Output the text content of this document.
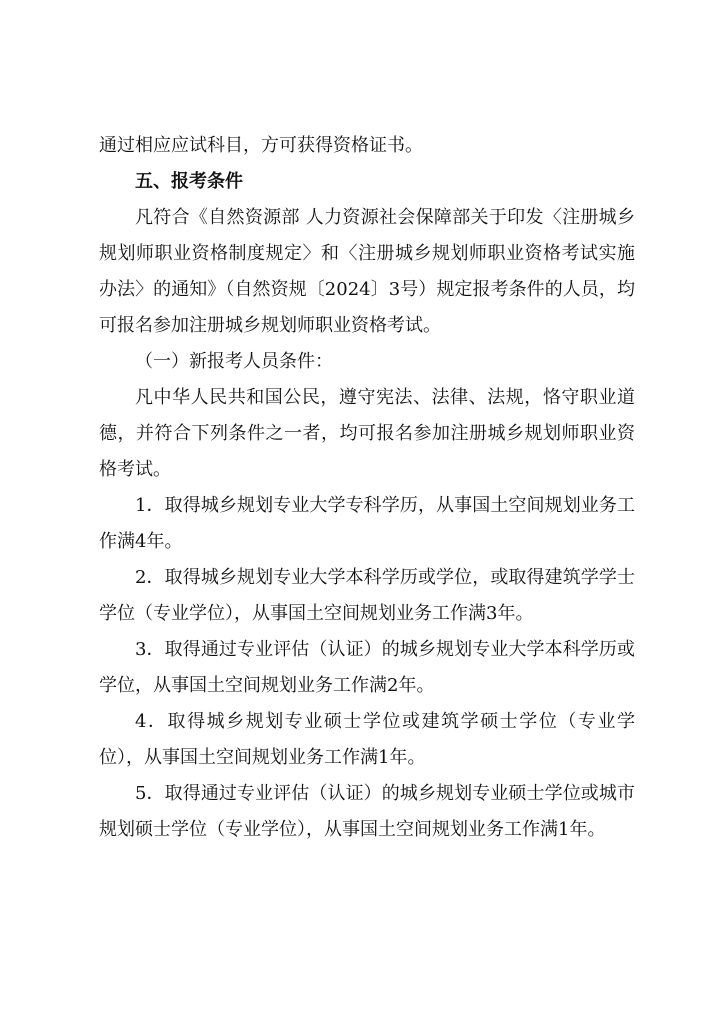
通过相应应试科目，方可获得资格证书。

五、报考条件

凡符合《自然资源部 人力资源社会保障部关于印发〈注册城乡规划师职业资格制度规定〉和〈注册城乡规划师职业资格考试实施办法〉的通知》（自然资规〔2024〕3号）规定报考条件的人员，均可报名参加注册城乡规划师职业资格考试。

（一）新报考人员条件：

凡中华人民共和国公民，遵守宪法、法律、法规，恪守职业道德，并符合下列条件之一者，均可报名参加注册城乡规划师职业资格考试。

1．取得城乡规划专业大学专科学历，从事国土空间规划业务工作满4年。

2．取得城乡规划专业大学本科学历或学位，或取得建筑学学士学位（专业学位），从事国土空间规划业务工作满3年。

3．取得通过专业评估（认证）的城乡规划专业大学本科学历或学位，从事国土空间规划业务工作满2年。

4．取得城乡规划专业硕士学位或建筑学硕士学位（专业学位），从事国土空间规划业务工作满1年。

5．取得通过专业评估（认证）的城乡规划专业硕士学位或城市规划硕士学位（专业学位），从事国土空间规划业务工作满1年。
